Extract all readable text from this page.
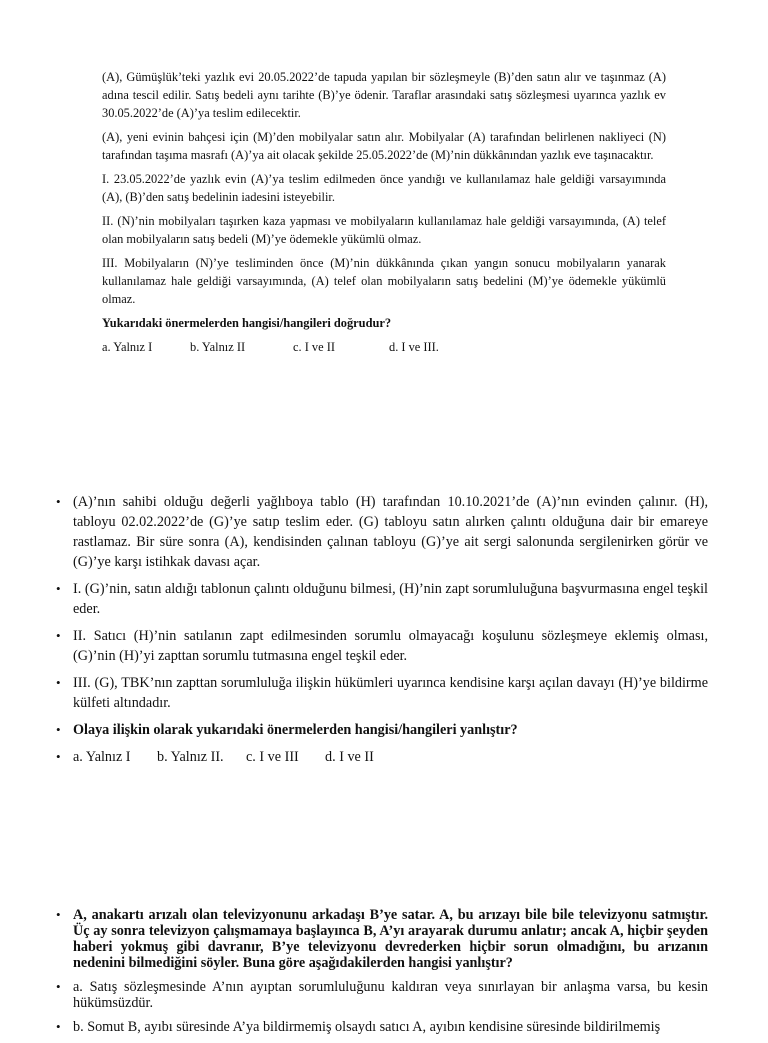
(A), Gümüşlük’teki yazlık evi 20.05.2022’de tapuda yapılan bir sözleşmeyle (B)’den satın alır ve taşınmaz (A) adına tescil edilir. Satış bedeli aynı tarihte (B)’ye ödenir. Taraflar arasındaki satış sözleşmesi uyarınca yazlık ev 30.05.2022’de (A)’ya teslim edilecektir.

(A), yeni evinin bahçesi için (M)’den mobilyalar satın alır. Mobilyalar (A) tarafından belirlenen nakliyeci (N) tarafından taşıma masrafı (A)’ya ait olacak şekilde 25.05.2022’de (M)’nin dükkânından yazlık eve taşınacaktır.

I. 23.05.2022’de yazlık evin (A)’ya teslim edilmeden önce yandığı ve kullanılamaz hale geldiği varsayımında (A), (B)’den satış bedelinin iadesini isteyebilir.

II. (N)’nin mobilyaları taşırken kaza yapması ve mobilyaların kullanılamaz hale geldiği varsayımında, (A) telef olan mobilyaların satış bedeli (M)’ye ödemekle yükümlü olmaz.

III. Mobilyaların (N)’ye tesliminden önce (M)’nin dükkânında çıkan yangın sonucu mobilyaların yanarak kullanılamaz hale geldiği varsayımında, (A) telef olan mobilyaların satış bedelini (M)’ye ödemekle yükümlü olmaz.

Yukarıdaki önermelerden hangisi/hangileri doğrudur?

a. Yalnız I	b. Yalnız II	c. I ve II	d. I ve III.
• (A)’nın sahibi olduğu değerli yağlıboya tablo (H) tarafından 10.10.2021’de (A)’nın evinden çalınır. (H), tabloyu 02.02.2022’de (G)’ye satıp teslim eder. (G) tabloyu satın alırken çalıntı olduğuna dair bir emareye rastlamaz. Bir süre sonra (A), kendisinden çalınan tabloyu (G)’ye ait sergi salonunda sergilenirken görür ve (G)’ye karşı istihkak davası açar.
• I. (G)’nin, satın aldığı tablonun çalıntı olduğunu bilmesi, (H)’nin zapt sorumluluğuna başvurmasına engel teşkil eder.
• II. Satıcı (H)’nin satılanın zapt edilmesinden sorumlu olmayacağı koşulunu sözleşmeye eklemiş olması, (G)’nin (H)’yi zapttan sorumlu tutmasına engel teşkil eder.
• III. (G), TBK’nın zapttan sorumluluğa ilişkin hükümleri uyarınca kendisine karşı açılan davayı (H)’ye bildirme külfeti altındadır.
• Olaya ilişkin olarak yukarıdaki önermelerden hangisi/hangileri yanlıştır?
• a. Yalnız I	b. Yalnız II.	c. I ve III	d. I ve II
• A, anakartı arızalı olan televizyonunu arkadaşı B’ye satar. A, bu arızayı bile bile televizyonu satmıştır. Üç ay sonra televizyon çalışmamaya başlayınca B, A’yı arayarak durumu anlatır; ancak A, hiçbir şeyden haberi yokmuş gibi davranır, B’ye televizyonu devrederken hiçbir sorun olmadığını, bu arızanın nedenini bilmediğini söyler. Buna göre aşağıdakilerden hangisi yanlıştır?
• a. Satış sözleşmesinde A’nın ayıptan sorumluluğunu kaldıran veya sınırlayan bir anlaşma varsa, bu kesin hükümsüzdür.
• b. Somut B, ayıbı süresinde A’ya bildirmemiş olsaydı satıcı A, ayıbın kendisine süresinde bildirilmemiş
